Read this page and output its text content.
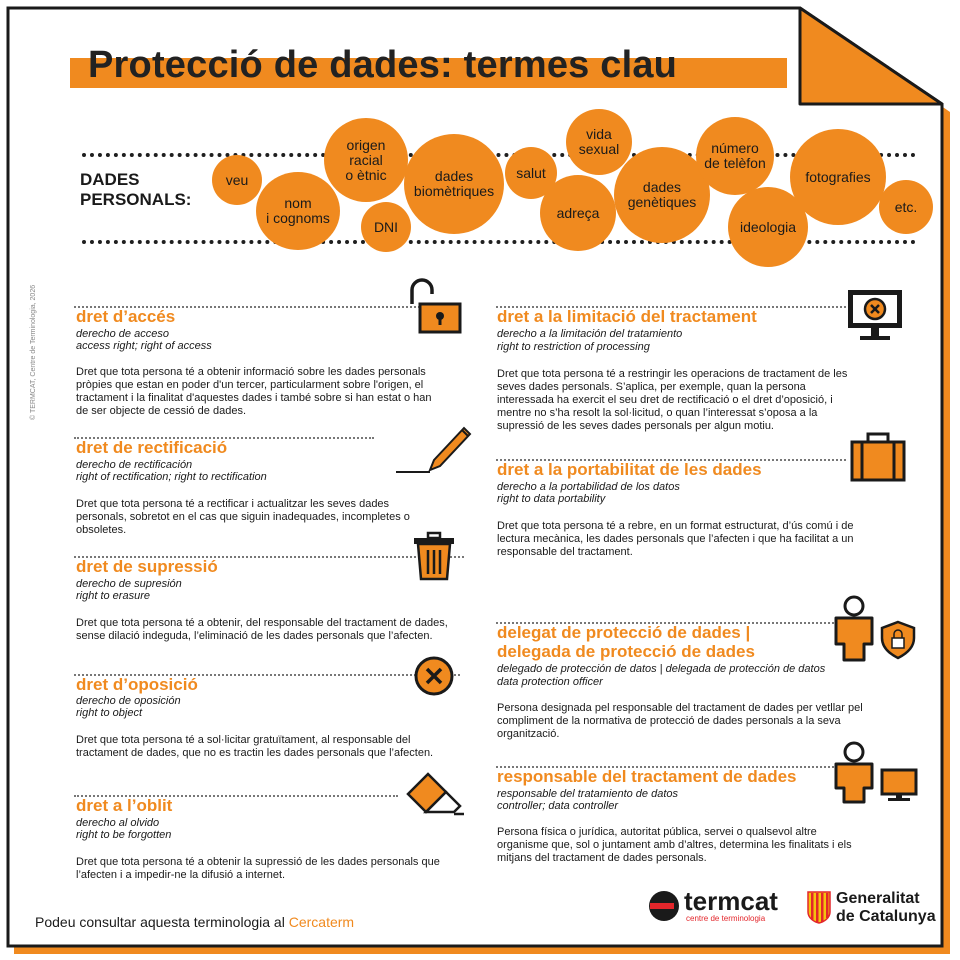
Protecció de dades: termes clau
DADES
PERSONALS:
veu
nom
i cognoms
origen
racial
o ètnic
DNI
dades
biomètriques
salut
vida
sexual
adreça
dades
genètiques
número
de telèfon
ideologia
fotografies
etc.
© TERMCAT, Centre de Terminologia, 2026 dret d’accés
derecho de acceso
access right; right of access
Dret que tota persona té a obtenir informació sobre les dades personals pròpies que estan en poder d'un tercer, particularment sobre l'origen, el tractament i la finalitat d'aquestes dades i també sobre si han estat o han de ser objecte de cessió de dades.
dret de rectificació
derecho de rectificación
right of rectification; right to rectification
Dret que tota persona té a rectificar i actualitzar les seves dades personals, sobretot en el cas que siguin inadequades, incompletes o obsoletes.
dret de supressió
derecho de supresión
right to erasure
Dret que tota persona té a obtenir, del responsable del tractament de dades, sense dilació indeguda, l’eliminació de les dades personals que l’afecten.
dret d’oposició
derecho de oposición
right to object
Dret que tota persona té a sol·licitar gratuïtament, al responsable del tractament de dades, que no es tractin les dades personals que l’afecten.
dret a l’oblit
derecho al olvido
right to be forgotten
Dret que tota persona té a obtenir la supressió de les dades personals que l’afecten i a impedir-ne la difusió a internet.
dret a la limitació del tractament
derecho a la limitación del tratamiento
right to restriction of processing
Dret que tota persona té a restringir les operacions de tractament de les seves dades personals. S’aplica, per exemple, quan la persona interessada ha exercit el seu dret de rectificació o el dret d’oposició, i mentre no s’ha resolt la sol·licitud, o quan l’interessat s’oposa a la supressió de les seves dades personals per algun motiu.
dret a la portabilitat de les dades
derecho a la portabilidad de los datos
right to data portability
Dret que tota persona té a rebre, en un format estructurat, d’ús comú i de lectura mecànica, les dades personals que l’afecten i que ha facilitat a un responsable del tractament.
delegat de protecció de dades | delegada de protecció de dades
delegado de protección de datos | delegada de protección de datos
data protection officer
Persona designada pel responsable del tractament de dades per vetllar pel compliment de la normativa de protecció de dades personals a la seva organització.
responsable del tractament de dades
responsable del tratamiento de datos
controller; data controller
Persona física o jurídica, autoritat pública, servei o qualsevol altre organisme que, sol o juntament amb d’altres, determina les finalitats i els mitjans del tractament de dades personals.
Podeu consultar aquesta terminologia al Cercaterm
termcat
centre de terminologia
Generalitat
de Catalunya
